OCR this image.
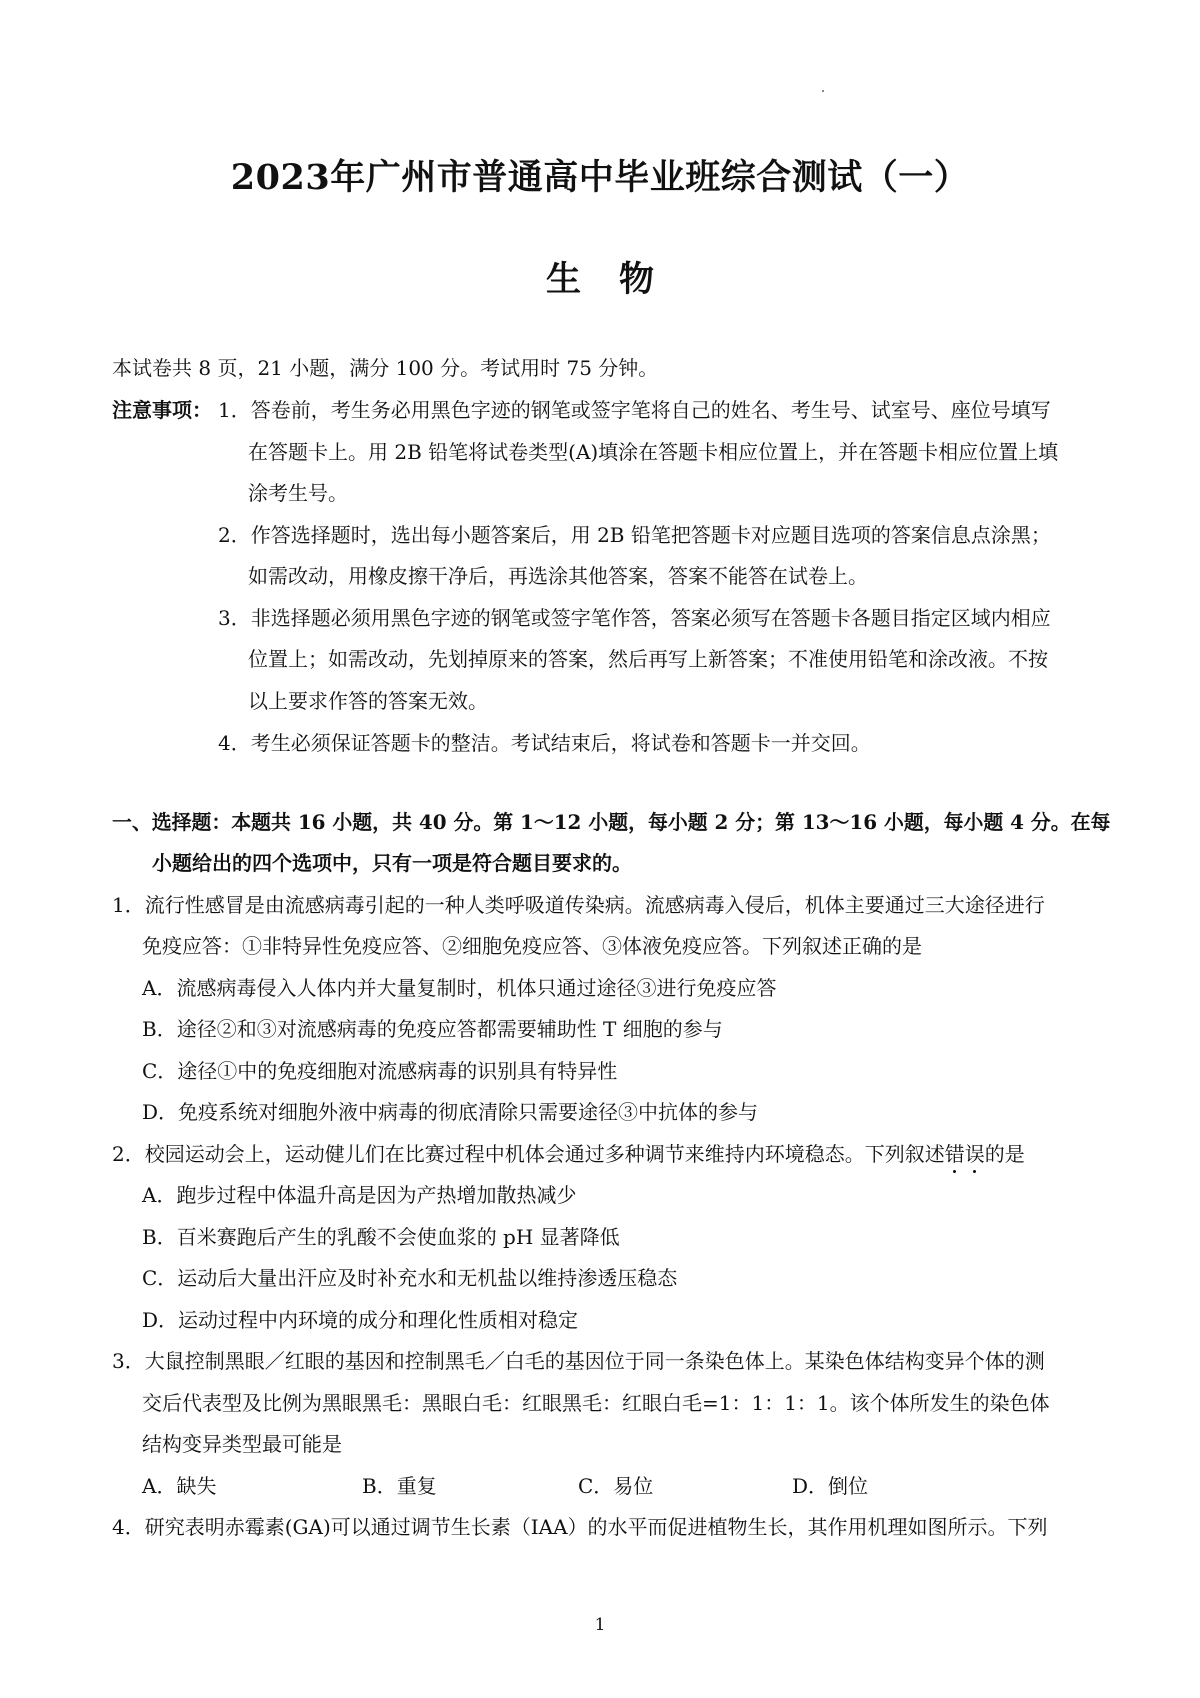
2023年广州市普通高中毕业班综合测试（一）
生物
本试卷共 8 页，21 小题，满分 100 分。考试用时 75 分钟。
注意事项： 1．答卷前，考生务必用黑色字迹的钢笔或签字笔将自己的姓名、考生号、试室号、座位号填写
在答题卡上。用 2B 铅笔将试卷类型(A)填涂在答题卡相应位置上，并在答题卡相应位置上填
涂考生号。
2．作答选择题时，选出每小题答案后，用 2B 铅笔把答题卡对应题目选项的答案信息点涂黑；
如需改动，用橡皮擦干净后，再选涂其他答案，答案不能答在试卷上。
3．非选择题必须用黑色字迹的钢笔或签字笔作答，答案必须写在答题卡各题目指定区域内相应
位置上；如需改动，先划掉原来的答案，然后再写上新答案；不准使用铅笔和涂改液。不按
以上要求作答的答案无效。
4．考生必须保证答题卡的整洁。考试结束后，将试卷和答题卡一并交回。
一、选择题：本题共 16 小题，共 40 分。第 1～12 小题，每小题 2 分；第 13～16 小题，每小题 4 分。在每
小题给出的四个选项中，只有一项是符合题目要求的。
1．流行性感冒是由流感病毒引起的一种人类呼吸道传染病。流感病毒入侵后，机体主要通过三大途径进行
免疫应答：①非特异性免疫应答、②细胞免疫应答、③体液免疫应答。下列叙述正确的是
A．流感病毒侵入人体内并大量复制时，机体只通过途径③进行免疫应答
B．途径②和③对流感病毒的免疫应答都需要辅助性 T 细胞的参与
C．途径①中的免疫细胞对流感病毒的识别具有特异性
D．免疫系统对细胞外液中病毒的彻底清除只需要途径③中抗体的参与
2．校园运动会上，运动健儿们在比赛过程中机体会通过多种调节来维持内环境稳态。下列叙述错误的是
A．跑步过程中体温升高是因为产热增加散热减少
B．百米赛跑后产生的乳酸不会使血浆的 pH 显著降低
C．运动后大量出汗应及时补充水和无机盐以维持渗透压稳态
D．运动过程中内环境的成分和理化性质相对稳定
3．大鼠控制黑眼／红眼的基因和控制黑毛／白毛的基因位于同一条染色体上。某染色体结构变异个体的测
交后代表型及比例为黑眼黑毛：黑眼白毛：红眼黑毛：红眼白毛=1：1：1：1。该个体所发生的染色体
结构变异类型最可能是
A．缺失	B．重复	C．易位	D．倒位
4．研究表明赤霉素(GA)可以通过调节生长素（IAA）的水平而促进植物生长，其作用机理如图所示。下列
1
